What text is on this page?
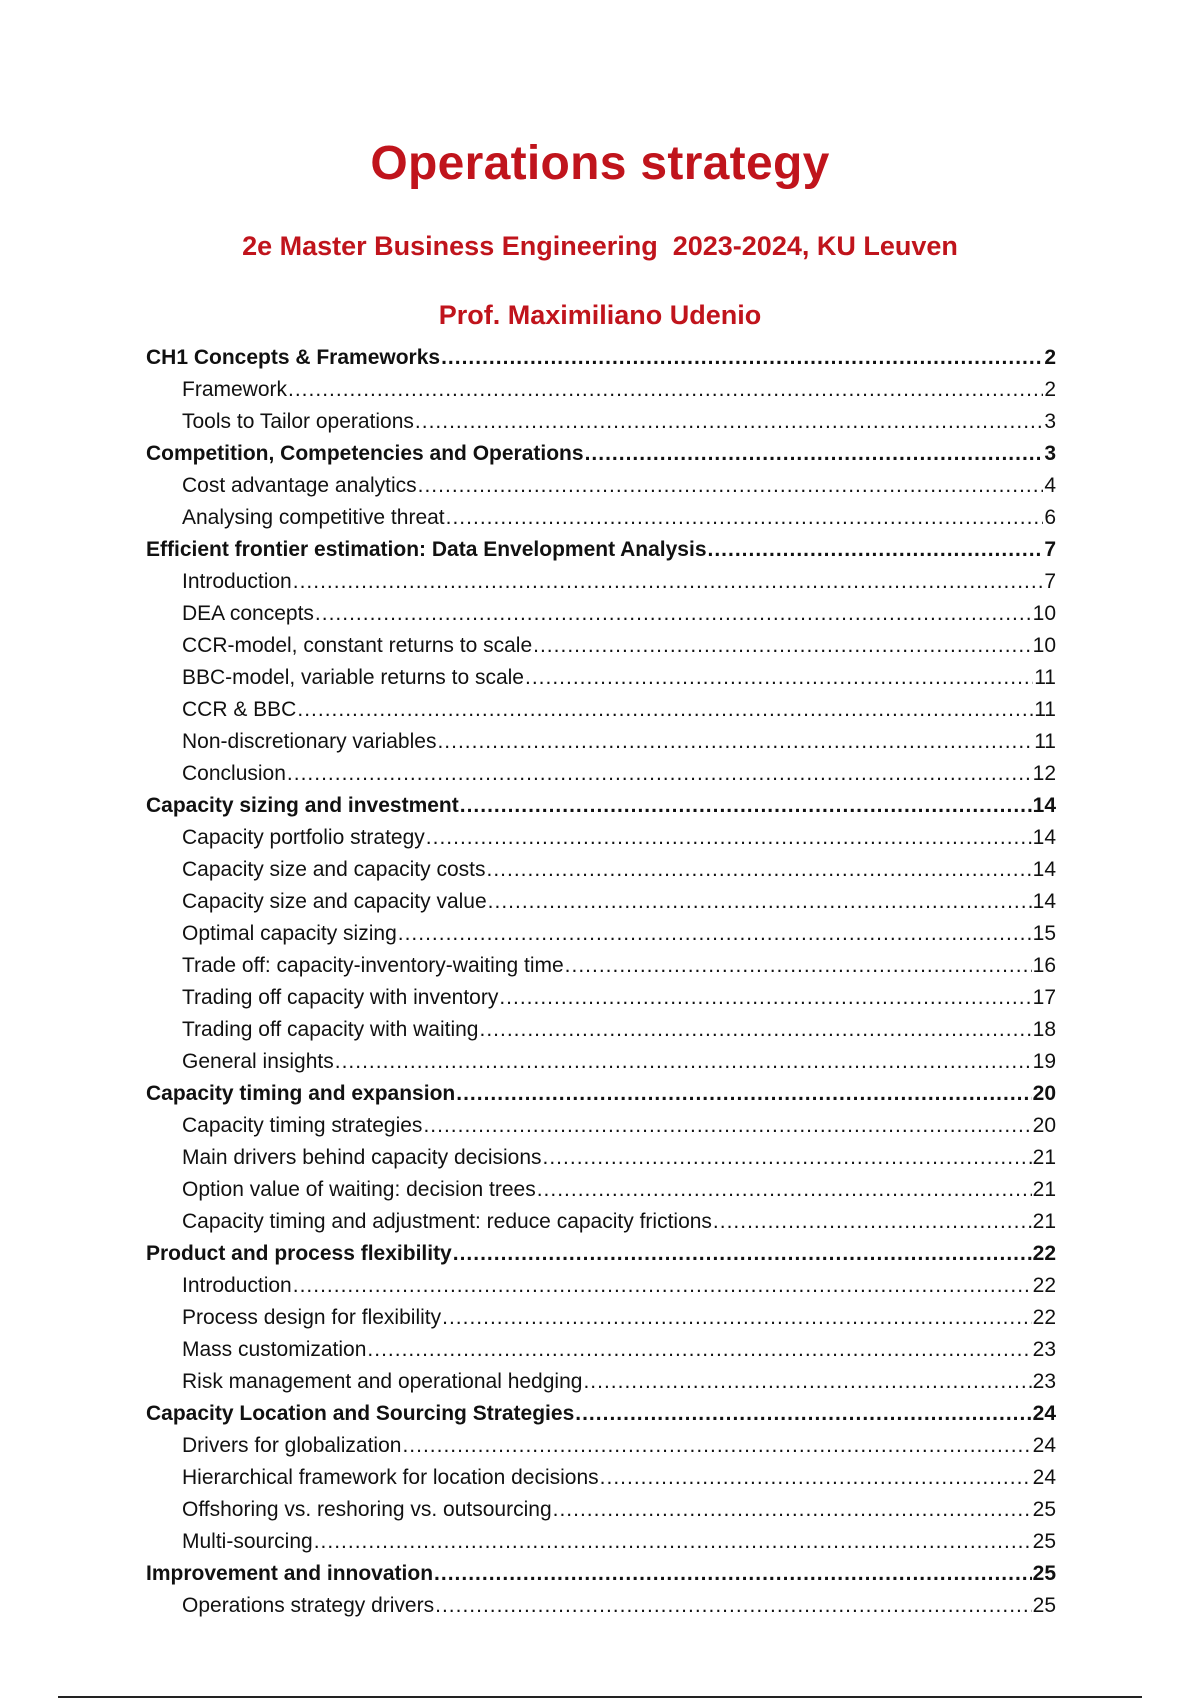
Operations strategy
2e Master Business Engineering  2023-2024, KU Leuven
Prof. Maximiliano Udenio
CH1 Concepts & Frameworks .....	2
Framework .....	2
Tools to Tailor operations .....	3
Competition, Competencies and Operations .....	3
Cost advantage analytics .....	4
Analysing competitive threat .....	6
Efficient frontier estimation: Data Envelopment Analysis .....	7
Introduction .....	7
DEA concepts .....	10
CCR-model, constant returns to scale .....	10
BBC-model, variable returns to scale .....	11
CCR & BBC .....	11
Non-discretionary variables .....	11
Conclusion .....	12
Capacity sizing and investment .....	14
Capacity portfolio strategy .....	14
Capacity size and capacity costs .....	14
Capacity size and capacity value .....	14
Optimal capacity sizing .....	15
Trade off: capacity-inventory-waiting time .....	16
Trading off capacity with inventory .....	17
Trading off capacity with waiting .....	18
General insights .....	19
Capacity timing and expansion .....	20
Capacity timing strategies .....	20
Main drivers behind capacity decisions .....	21
Option value of waiting: decision trees .....	21
Capacity timing and adjustment: reduce capacity frictions .....	21
Product and process flexibility .....	22
Introduction .....	22
Process design for flexibility .....	22
Mass customization .....	23
Risk management and operational hedging .....	23
Capacity Location and Sourcing Strategies .....	24
Drivers for globalization .....	24
Hierarchical framework for location decisions .....	24
Offshoring vs. reshoring vs. outsourcing .....	25
Multi-sourcing .....	25
Improvement and innovation .....	25
Operations strategy drivers .....	25
